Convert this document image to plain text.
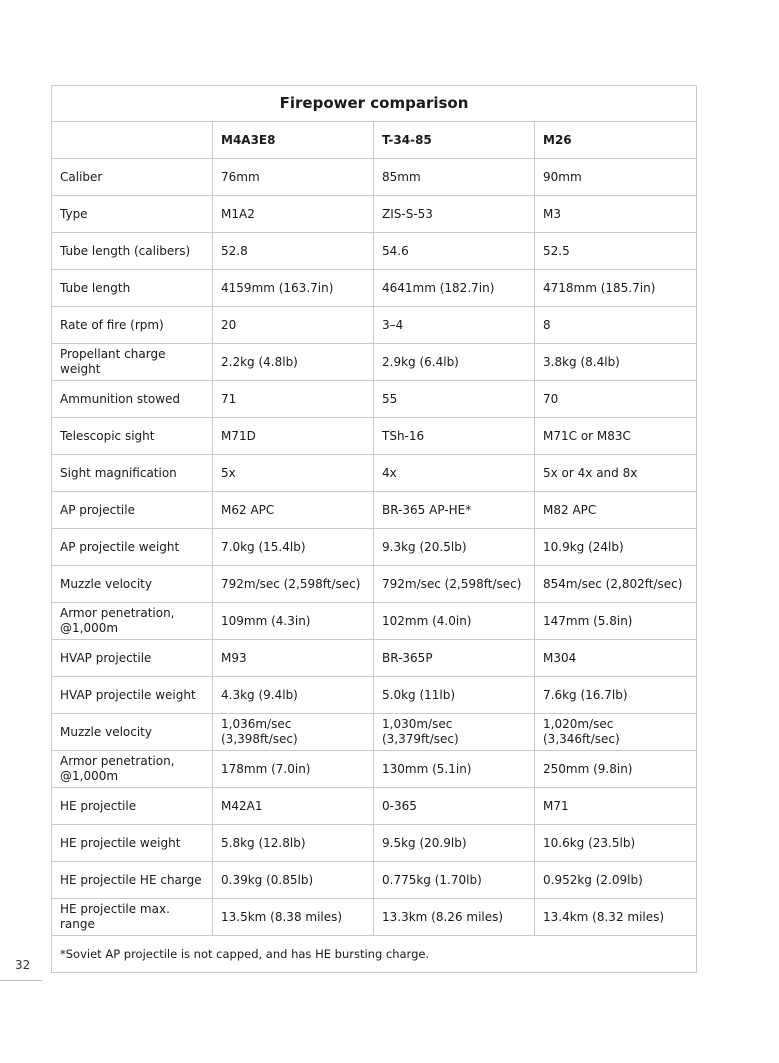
Firepower comparison			
	M4A3E8	T-34-85	M26
Caliber	76mm	85mm	90mm
Type	M1A2	ZIS-S-53	M3
Tube length (calibers)	52.8	54.6	52.5
Tube length	4159mm (163.7in)	4641mm (182.7in)	4718mm (185.7in)
Rate of fire (rpm)	20	3–4	8
Propellant charge weight	2.2kg (4.8lb)	2.9kg (6.4lb)	3.8kg (8.4lb)
Ammunition stowed	71	55	70
Telescopic sight	M71D	TSh-16	M71C or M83C
Sight magnification	5x	4x	5x or 4x and 8x
AP projectile	M62 APC	BR-365 AP-HE*	M82 APC
AP projectile weight	7.0kg (15.4lb)	9.3kg (20.5lb)	10.9kg (24lb)
Muzzle velocity	792m/sec (2,598ft/sec)	792m/sec (2,598ft/sec)	854m/sec (2,802ft/sec)
Armor penetration, @1,000m	109mm (4.3in)	102mm (4.0in)	147mm (5.8in)
HVAP projectile	M93	BR-365P	M304
HVAP projectile weight	4.3kg (9.4lb)	5.0kg (11lb)	7.6kg (16.7lb)
Muzzle velocity	1,036m/sec (3,398ft/sec)	1,030m/sec (3,379ft/sec)	1,020m/sec (3,346ft/sec)
Armor penetration, @1,000m	178mm (7.0in)	130mm (5.1in)	250mm (9.8in)
HE projectile	M42A1	0-365	M71
HE projectile weight	5.8kg (12.8lb)	9.5kg (20.9lb)	10.6kg (23.5lb)
HE projectile HE charge	0.39kg (0.85lb)	0.775kg (1.70lb)	0.952kg (2.09lb)
HE projectile max. range	13.5km (8.38 miles)	13.3km (8.26 miles)	13.4km (8.32 miles)
*Soviet AP projectile is not capped, and has HE bursting charge.			
32
